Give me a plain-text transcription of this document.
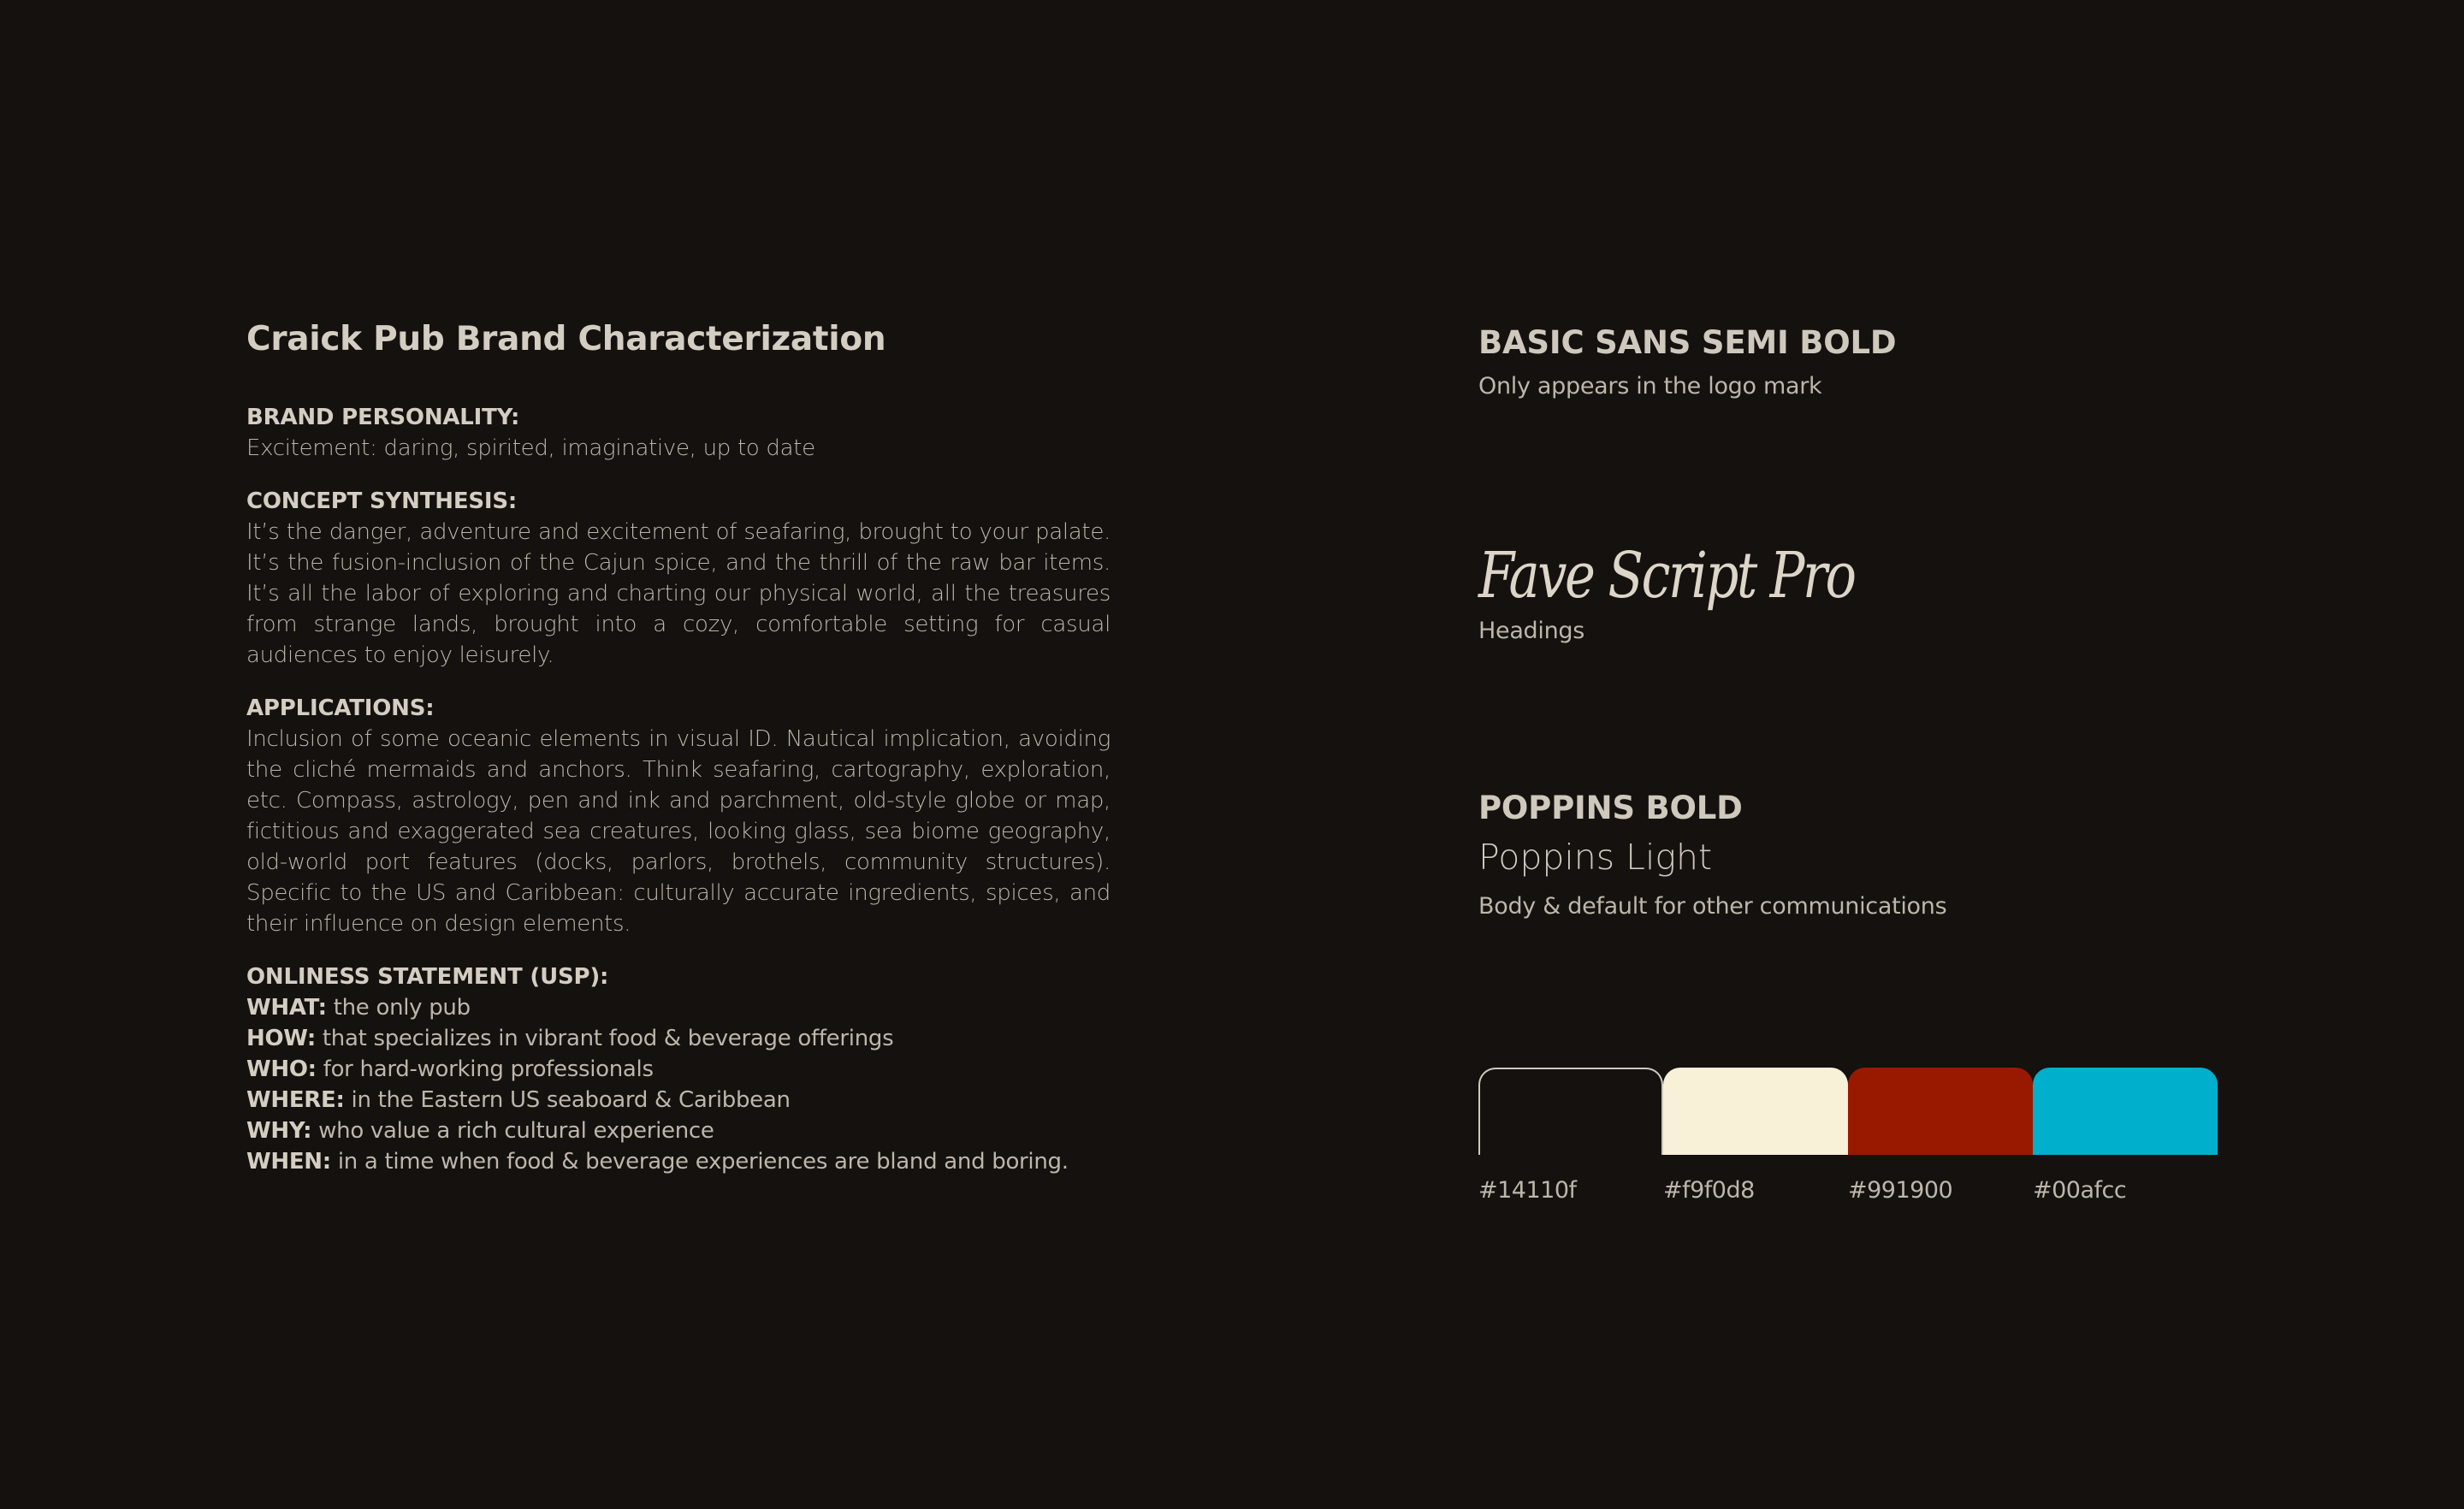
Craick Pub Brand Characterization
BRAND PERSONALITY:
Excitement: daring, spirited, imaginative, up to date
CONCEPT SYNTHESIS:
It’s the danger, adventure and excitement of seafaring, brought to your palate. It’s the fusion-inclusion of the Cajun spice, and the thrill of the raw bar items. It’s all the labor of exploring and charting our physical world, all the treasures from strange lands, brought into a cozy, comfortable setting for casual audiences to enjoy leisurely.
APPLICATIONS:
Inclusion of some oceanic elements in visual ID. Nautical implication, avoiding the cliché mermaids and anchors. Think seafaring, cartography, exploration, etc. Compass, astrology, pen and ink and parchment, old-style globe or map, fictitious and exaggerated sea creatures, looking glass, sea biome geography, old-world port features (docks, parlors, brothels, community structures). Specific to the US and Caribbean: culturally accurate ingredients, spices, and their influence on design elements.
ONLINESS STATEMENT (USP):
WHAT: the only pub
HOW: that specializes in vibrant food & beverage offerings
WHO: for hard-working professionals
WHERE: in the Eastern US seaboard & Caribbean
WHY: who value a rich cultural experience
WHEN: in a time when food & beverage experiences are bland and boring.
BASIC SANS SEMI BOLD
Only appears in the logo mark
Fave Script Pro
Headings
POPPINS BOLD
Poppins Light
Body & default for other communications
#14110f	#f9f0d8	#991900	#00afcc
